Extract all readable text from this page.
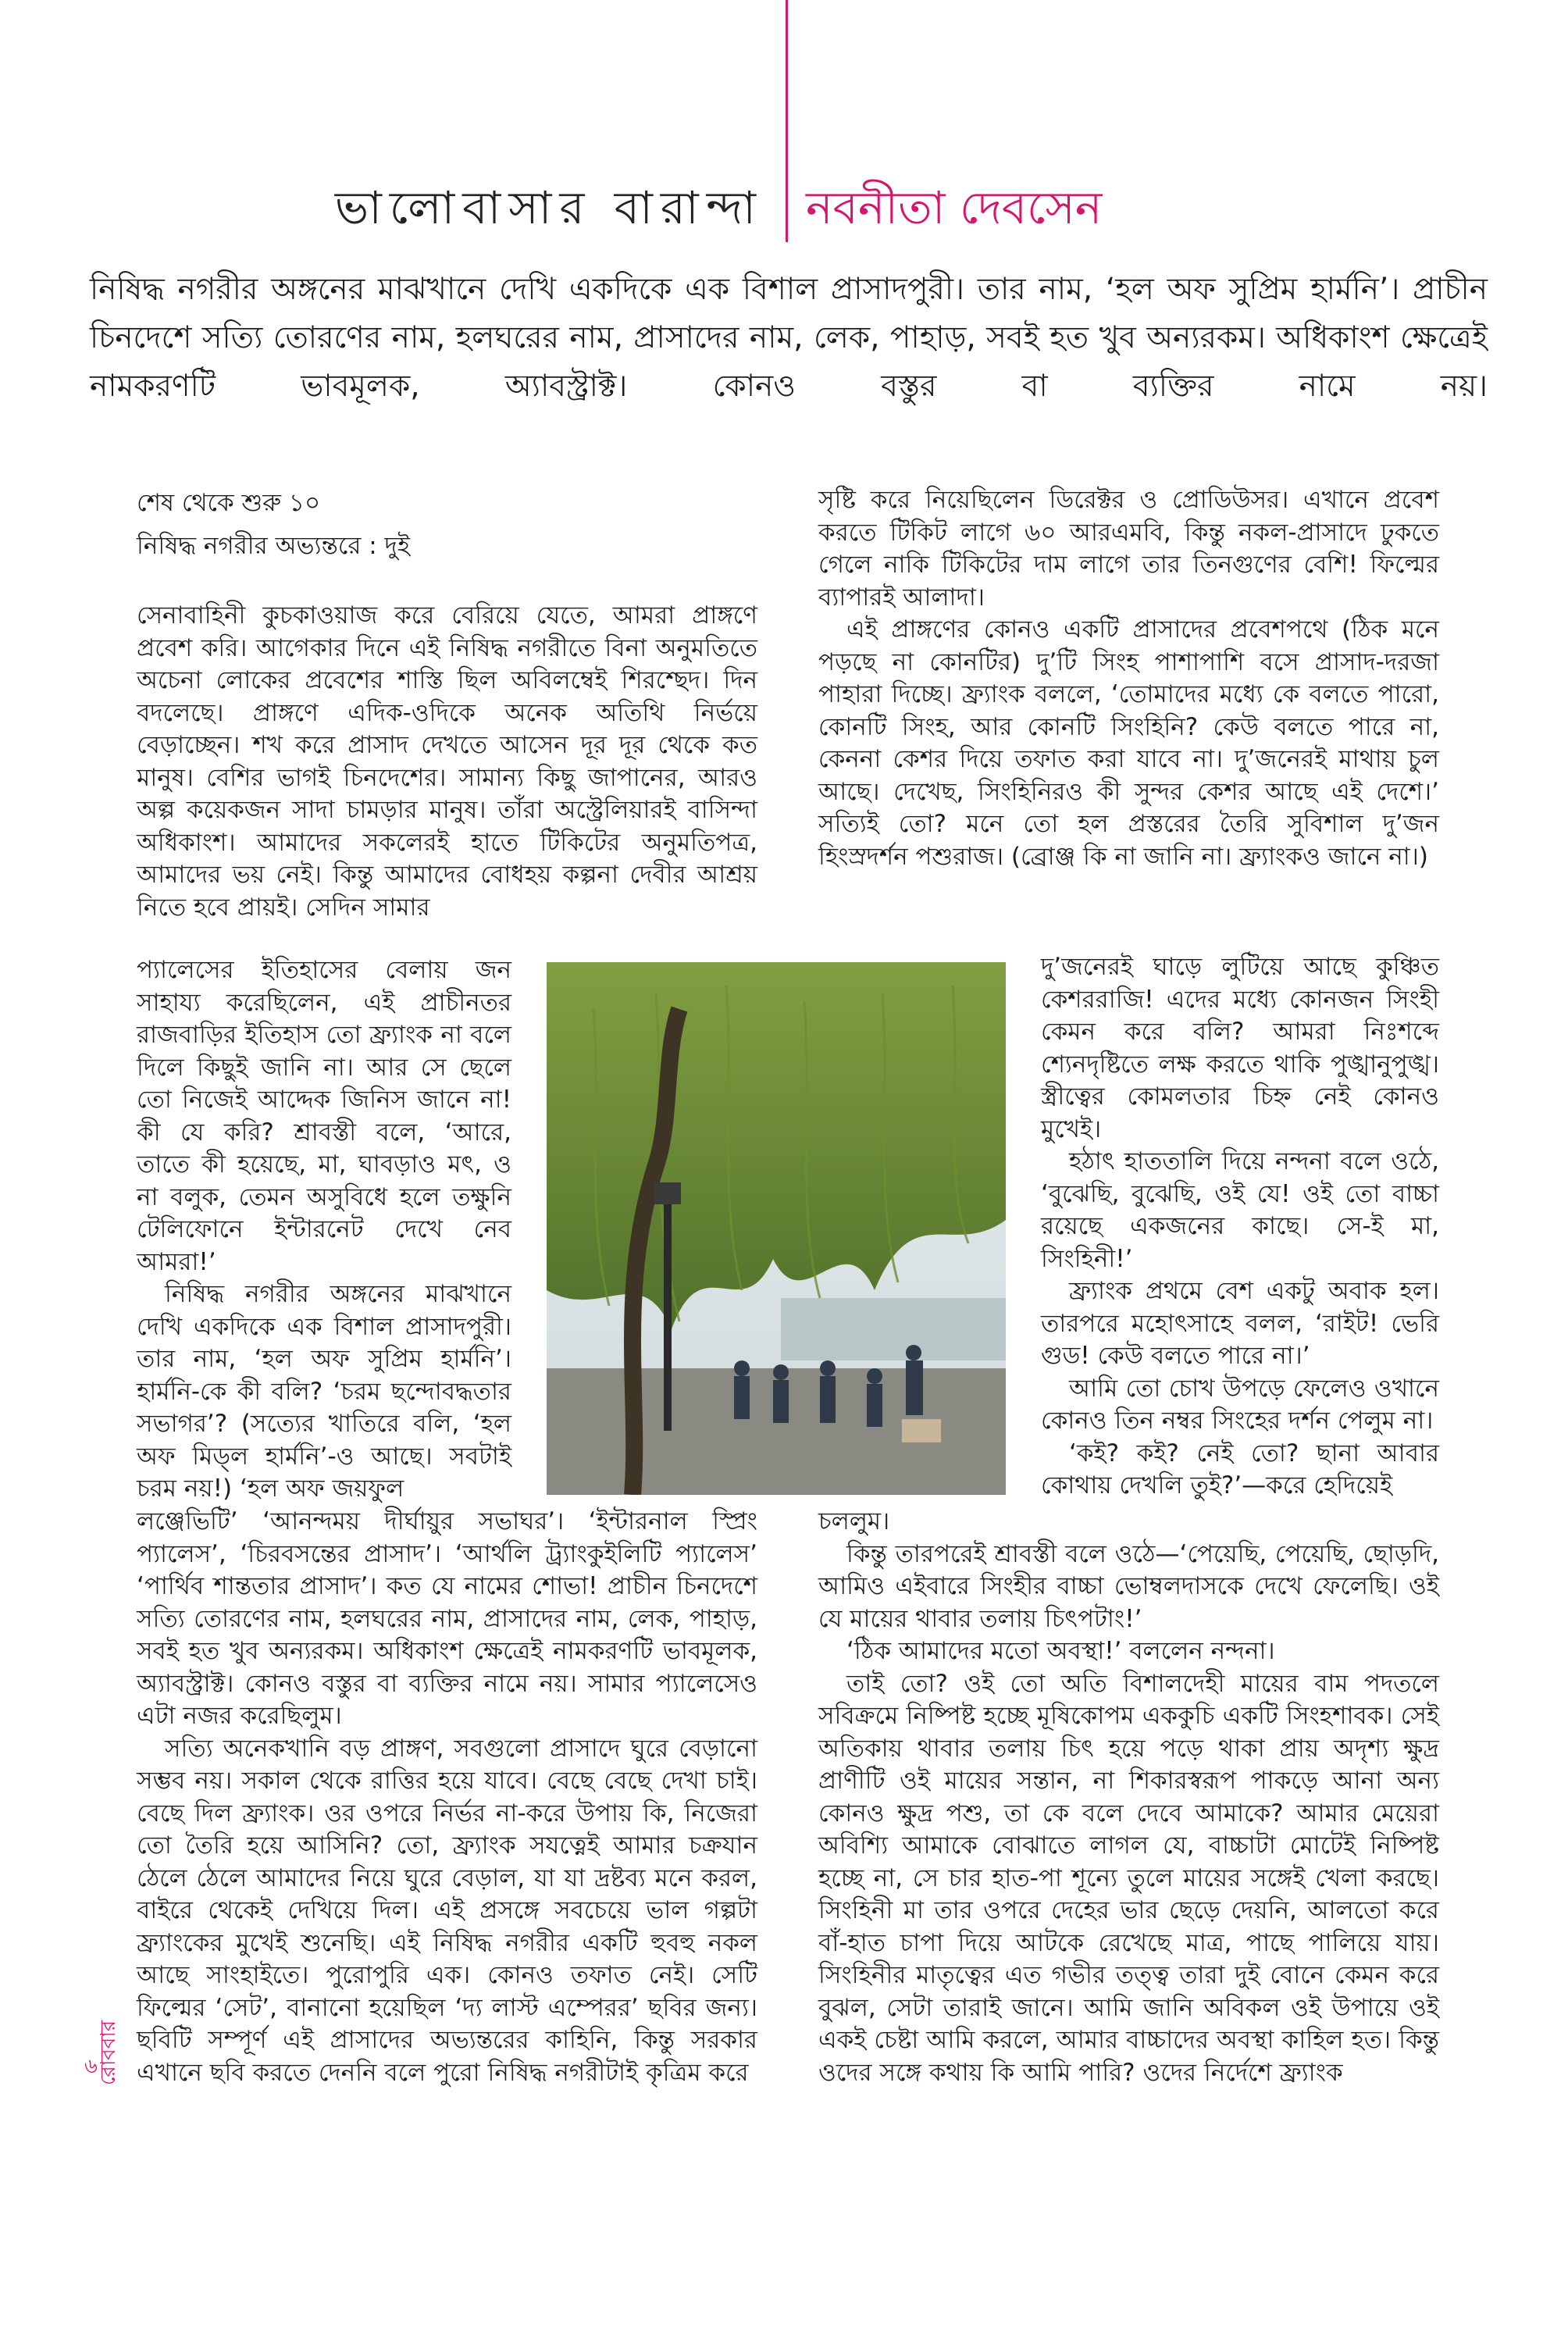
ভালোবাসার বারান্দা নবনীতা দেবসেন
নিষিদ্ধ নগরীর অঙ্গনের মাঝখানে দেখি একদিকে এক বিশাল প্রাসাদপুরী। তার নাম, ‘হল অফ সুপ্রিম হার্মনি’। প্রাচীন চিনদেশে সত্যি তোরণের নাম, হলঘরের নাম, প্রাসাদের নাম, লেক, পাহাড়, সবই হত খুব অন্যরকম। অধিকাংশ ক্ষেত্রেই নামকরণটি ভাবমূলক, অ্যাবস্ট্রাক্ট। কোনও বস্তুর বা ব্যক্তির নামে নয়।
শেষ থেকে শুরু ১০
নিষিদ্ধ নগরীর অভ্যন্তরে : দুই

সেনাবাহিনী কুচকাওয়াজ করে বেরিয়ে যেতে, আমরা প্রাঙ্গণে প্রবেশ করি। আগেকার দিনে এই নিষিদ্ধ নগরীতে বিনা অনুমতিতে অচেনা লোকের প্রবেশের শাস্তি ছিল অবিলম্বেই শিরশ্ছেদ। দিন বদলেছে। প্রাঙ্গণে এদিক-ওদিকে অনেক অতিথি নির্ভয়ে বেড়াচ্ছেন। শখ করে প্রাসাদ দেখতে আসেন দূর দূর থেকে কত মানুষ। বেশির ভাগই চিনদেশের। সামান্য কিছু জাপানের, আরও অল্প কয়েকজন সাদা চামড়ার মানুষ। তাঁরা অস্ট্রেলিয়ারই বাসিন্দা অধিকাংশ। আমাদের সকলেরই হাতে টিকিটের অনুমতিপত্র, আমাদের ভয় নেই। কিন্তু আমাদের বোধহয় কল্পনা দেবীর আশ্রয় নিতে হবে প্রায়ই। সেদিন সামার

প্যালেসের ইতিহাসের বেলায় জন সাহায্য করেছিলেন, এই প্রাচীনতর রাজবাড়ির ইতিহাস তো ফ্র্যাংক না বলে দিলে কিছুই জানি না। আর সে ছেলে তো নিজেই আদ্দেক জিনিস জানে না! কী যে করি? শ্রাবস্তী বলে, ‘আরে, তাতে কী হয়েছে, মা, ঘাবড়াও মৎ, ও না বলুক, তেমন অসুবিধে হলে তক্ষুনি টেলিফোনে ইন্টারনেট দেখে নেব আমরা!’

নিষিদ্ধ নগরীর অঙ্গনের মাঝখানে দেখি একদিকে এক বিশাল প্রাসাদপুরী। তার নাম, ‘হল অফ সুপ্রিম হার্মনি’। হার্মনি-কে কী বলি? ‘চরম ছন্দোবদ্ধতার সভাগর’? (সত্যের খাতিরে বলি, ‘হল অফ মিড্‌ল হার্মনি’-ও আছে। সবটাই চরম নয়!) ‘হল অফ জয়ফুল

লঞ্জেভিটি’ ‘আনন্দময় দীর্ঘায়ুর সভাঘর’। ‘ইন্টারনাল স্প্রিং প্যালেস’, ‘চিরবসন্তের প্রাসাদ’। ‘আর্থলি ট্র্যাংকুইলিটি প্যালেস’ ‘পার্থিব শান্ততার প্রাসাদ’। কত যে নামের শোভা! প্রাচীন চিনদেশে সত্যি তোরণের নাম, হলঘরের নাম, প্রাসাদের নাম, লেক, পাহাড়, সবই হত খুব অন্যরকম। অধিকাংশ ক্ষেত্রেই নামকরণটি ভাবমূলক, অ্যাবস্ট্রাক্ট। কোনও বস্তুর বা ব্যক্তির নামে নয়। সামার প্যালেসেও এটা নজর করেছিলুম।

সত্যি অনেকখানি বড় প্রাঙ্গণ, সবগুলো প্রাসাদে ঘুরে বেড়ানো সম্ভব নয়। সকাল থেকে রাত্তির হয়ে যাবে। বেছে বেছে দেখা চাই। বেছে দিল ফ্র্যাংক। ওর ওপরে নির্ভর না-করে উপায় কি, নিজেরা তো তৈরি হয়ে আসিনি? তো, ফ্র্যাংক সযত্নেই আমার চক্রযান ঠেলে ঠেলে আমাদের নিয়ে ঘুরে বেড়াল, যা যা দ্রষ্টব্য মনে করল, বাইরে থেকেই দেখিয়ে দিল। এই প্রসঙ্গে সবচেয়ে ভাল গল্পটা ফ্র্যাংকের মুখেই শুনেছি। এই নিষিদ্ধ নগরীর একটি হুবহু নকল আছে সাংহাইতে। পুরোপুরি এক। কোনও তফাত নেই। সেটি ফিল্মের ‘সেট’, বানানো হয়েছিল ‘দ্য লাস্ট এম্পেরর’ ছবির জন্য। ছবিটি সম্পূর্ণ এই প্রাসাদের অভ্যন্তরের কাহিনি, কিন্তু সরকার এখানে ছবি করতে দেননি বলে পুরো নিষিদ্ধ নগরীটাই কৃত্রিম করে

সৃষ্টি করে নিয়েছিলেন ডিরেক্টর ও প্রোডিউসর। এখানে প্রবেশ করতে টিকিট লাগে ৬০ আরএমবি, কিন্তু নকল-প্রাসাদে ঢুকতে গেলে নাকি টিকিটের দাম লাগে তার তিনগুণের বেশি! ফিল্মের ব্যাপারই আলাদা।

এই প্রাঙ্গণের কোনও একটি প্রাসাদের প্রবেশপথে (ঠিক মনে পড়ছে না কোনটির) দু’টি সিংহ পাশাপাশি বসে প্রাসাদ-দরজা পাহারা দিচ্ছে। ফ্র্যাংক বললে, ‘তোমাদের মধ্যে কে বলতে পারো, কোনটি সিংহ, আর কোনটি সিংহিনি? কেউ বলতে পারে না, কেননা কেশর দিয়ে তফাত করা যাবে না। দু’জনেরই মাথায় চুল আছে। দেখেছ, সিংহিনিরও কী সুন্দর কেশর আছে এই দেশে।’ সত্যিই তো? মনে তো হল প্রস্তরের তৈরি সুবিশাল দু’জন হিংস্রদর্শন পশুরাজ। (ব্রোঞ্জ কি না জানি না। ফ্র্যাংকও জানে না।)

দু’জনেরই ঘাড়ে লুটিয়ে আছে কুঞ্চিত কেশররাজি! এদের মধ্যে কোনজন সিংহী কেমন করে বলি? আমরা নিঃশব্দে শ্যেনদৃষ্টিতে লক্ষ করতে থাকি পুঙ্খানুপুঙ্খ। স্ত্রীত্বের কোমলতার চিহ্ন নেই কোনও মুখেই।

হঠাৎ হাততালি দিয়ে নন্দনা বলে ওঠে, ‘বুঝেছি, বুঝেছি, ওই যে! ওই তো বাচ্চা রয়েছে একজনের কাছে। সে-ই মা, সিংহিনী!’

ফ্র্যাংক প্রথমে বেশ একটু অবাক হল। তারপরে মহোৎসাহে বলল, ‘রাইট! ভেরি গুড! কেউ বলতে পারে না।’

আমি তো চোখ উপড়ে ফেলেও ওখানে কোনও তিন নম্বর সিংহের দর্শন পেলুম না।

‘কই? কই? নেই তো? ছানা আবার কোথায় দেখলি তুই?’—করে হেদিয়েই

চললুম।

কিন্তু তারপরেই শ্রাবস্তী বলে ওঠে—‘পেয়েছি, পেয়েছি, ছোড়দি, আমিও এইবারে সিংহীর বাচ্চা ভোম্বলদাসকে দেখে ফেলেছি। ওই যে মায়ের থাবার তলায় চিৎপটাং!’

‘ঠিক আমাদের মতো অবস্থা!’ বললেন নন্দনা।

তাই তো? ওই তো অতি বিশালদেহী মায়ের বাম পদতলে সবিক্রমে নিষ্পিষ্ট হচ্ছে মূষিকোপম এককুচি একটি সিংহশাবক। সেই অতিকায় থাবার তলায় চিৎ হয়ে পড়ে থাকা প্রায় অদৃশ্য ক্ষুদ্র প্রাণীটি ওই মায়ের সন্তান, না শিকারস্বরূপ পাকড়ে আনা অন্য কোনও ক্ষুদ্র পশু, তা কে বলে দেবে আমাকে? আমার মেয়েরা অবিশ্যি আমাকে বোঝাতে লাগল যে, বাচ্চাটা মোটেই নিষ্পিষ্ট হচ্ছে না, সে চার হাত-পা শূন্যে তুলে মায়ের সঙ্গেই খেলা করছে। সিংহিনী মা তার ওপরে দেহের ভার ছেড়ে দেয়নি, আলতো করে বাঁ-হাত চাপা দিয়ে আটকে রেখেছে মাত্র, পাছে পালিয়ে যায়। সিংহিনীর মাতৃত্বের এত গভীর তত্ত্ব তারা দুই বোনে কেমন করে বুঝল, সেটা তারাই জানে। আমি জানি অবিকল ওই উপায়ে ওই একই চেষ্টা আমি করলে, আমার বাচ্চাদের অবস্থা কাহিল হত। কিন্তু ওদের সঙ্গে কথায় কি আমি পারি? ওদের নির্দেশে ফ্র্যাংক

৬ রোববার
